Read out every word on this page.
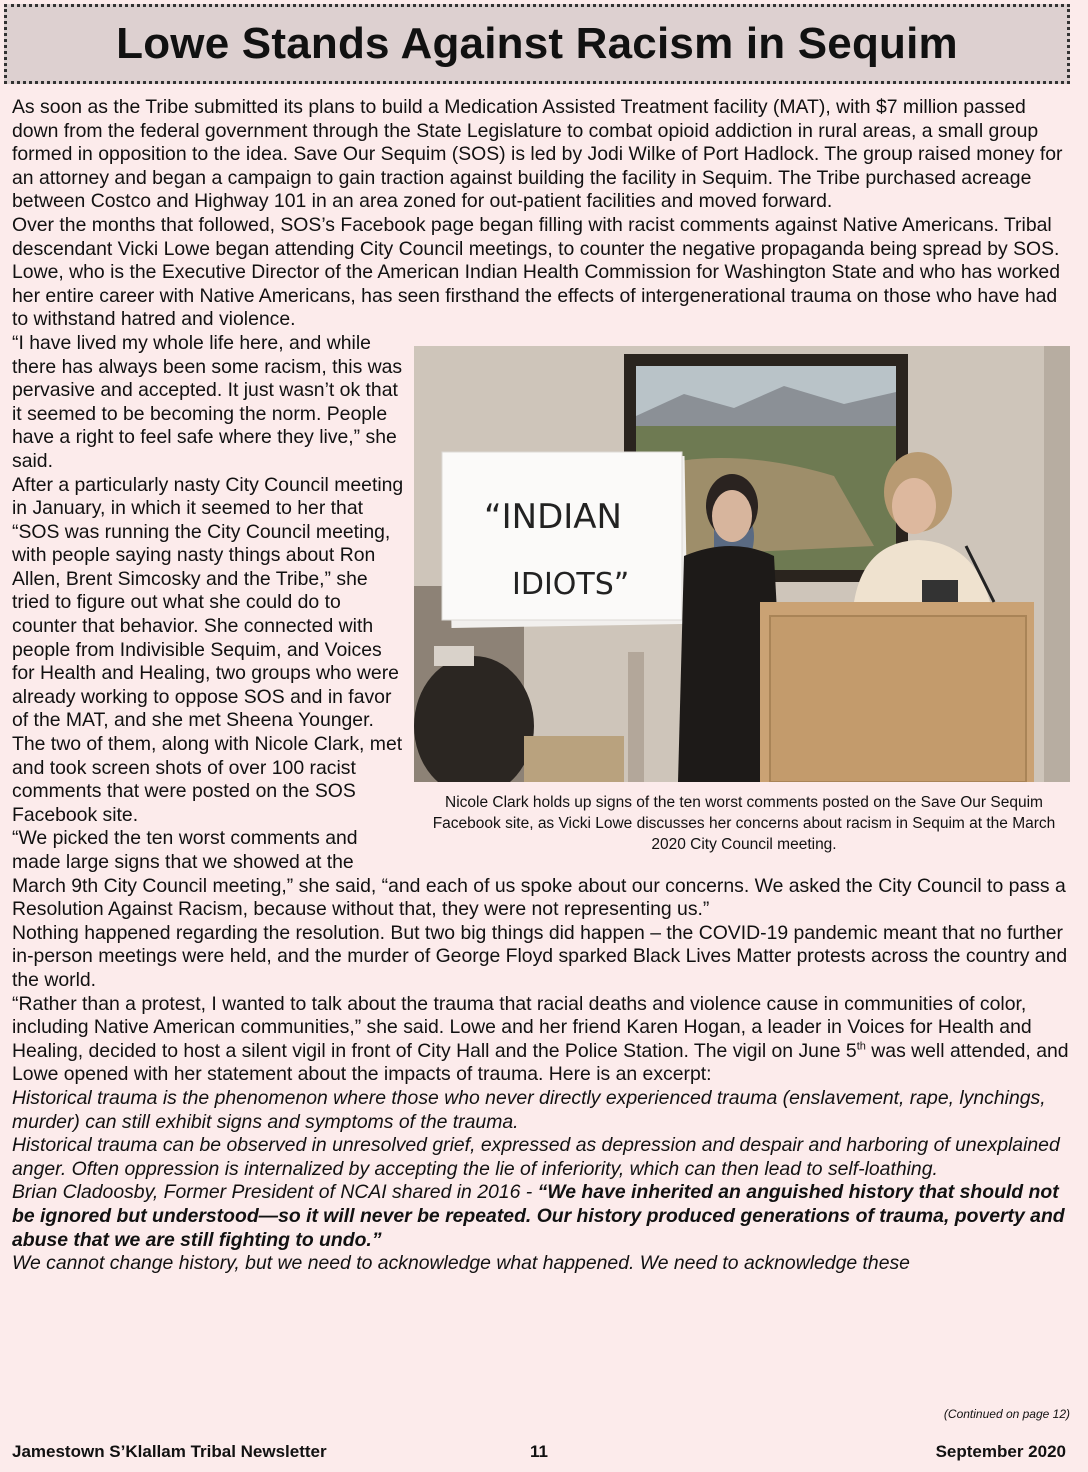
Lowe Stands Against Racism in Sequim

As soon as the Tribe submitted its plans to build a Medication Assisted Treatment facility (MAT), with $7 million passed down from the federal government through the State Legislature to combat opioid addiction in rural areas, a small group formed in opposition to the idea. Save Our Sequim (SOS) is led by Jodi Wilke of Port Hadlock. The group raised money for an attorney and began a campaign to gain traction against building the facility in Sequim. The Tribe purchased acreage between Costco and Highway 101 in an area zoned for out-patient facilities and moved forward.

Over the months that followed, SOS’s Facebook page began filling with racist comments against Native Americans. Tribal descendant Vicki Lowe began attending City Council meetings, to counter the negative propaganda being spread by SOS. Lowe, who is the Executive Director of the American Indian Health Commission for Washington State and who has worked her entire career with Native Americans, has seen firsthand the effects of intergenerational trauma on those who have had to withstand hatred and violence.

“INDIAN
IDIOTS”
Nicole Clark holds up signs of the ten worst comments posted on the Save Our Sequim Facebook site, as Vicki Lowe discusses her concerns about racism in Sequim at the March 2020 City Council meeting.

“I have lived my whole life here, and while there has always been some racism, this was pervasive and accepted. It just wasn’t ok that it seemed to be becoming the norm. People have a right to feel safe where they live,” she said.

After a particularly nasty City Council meeting in January, in which it seemed to her that “SOS was running the City Council meeting, with people saying nasty things about Ron Allen, Brent Simcosky and the Tribe,” she tried to figure out what she could do to counter that behavior. She connected with people from Indivisible Sequim, and Voices for Health and Healing, two groups who were already working to oppose SOS and in favor of the MAT, and she met Sheena Younger. The two of them, along with Nicole Clark, met and took screen shots of over 100 racist comments that were posted on the SOS Facebook site.

“We picked the ten worst comments and made large signs that we showed at the March 9th City Council meeting,” she said, “and each of us spoke about our concerns. We asked the City Council to pass a Resolution Against Racism, because without that, they were not representing us.”

Nothing happened regarding the resolution. But two big things did happen – the COVID-19 pandemic meant that no further in-person meetings were held, and the murder of George Floyd sparked Black Lives Matter protests across the country and the world.

“Rather than a protest, I wanted to talk about the trauma that racial deaths and violence cause in communities of color, including Native American communities,” she said. Lowe and her friend Karen Hogan, a leader in Voices for Health and Healing, decided to host a silent vigil in front of City Hall and the Police Station. The vigil on June 5th was well attended, and Lowe opened with her statement about the impacts of trauma. Here is an excerpt:

Historical trauma is the phenomenon where those who never directly experienced trauma (enslavement, rape, lynchings, murder) can still exhibit signs and symptoms of the trauma.

Historical trauma can be observed in unresolved grief, expressed as depression and despair and harboring of unexplained anger. Often oppression is internalized by accepting the lie of inferiority, which can then lead to self-loathing.

Brian Cladoosby, Former President of NCAI shared in 2016 - “We have inherited an anguished history that should not be ignored but understood—so it will never be repeated. Our history produced generations of trauma, poverty and abuse that we are still fighting to undo.”

We cannot change history, but we need to acknowledge what happened. We need to acknowledge these

(Continued on page 12)
Jamestown S’Klallam Tribal Newsletter	11	September 2020
